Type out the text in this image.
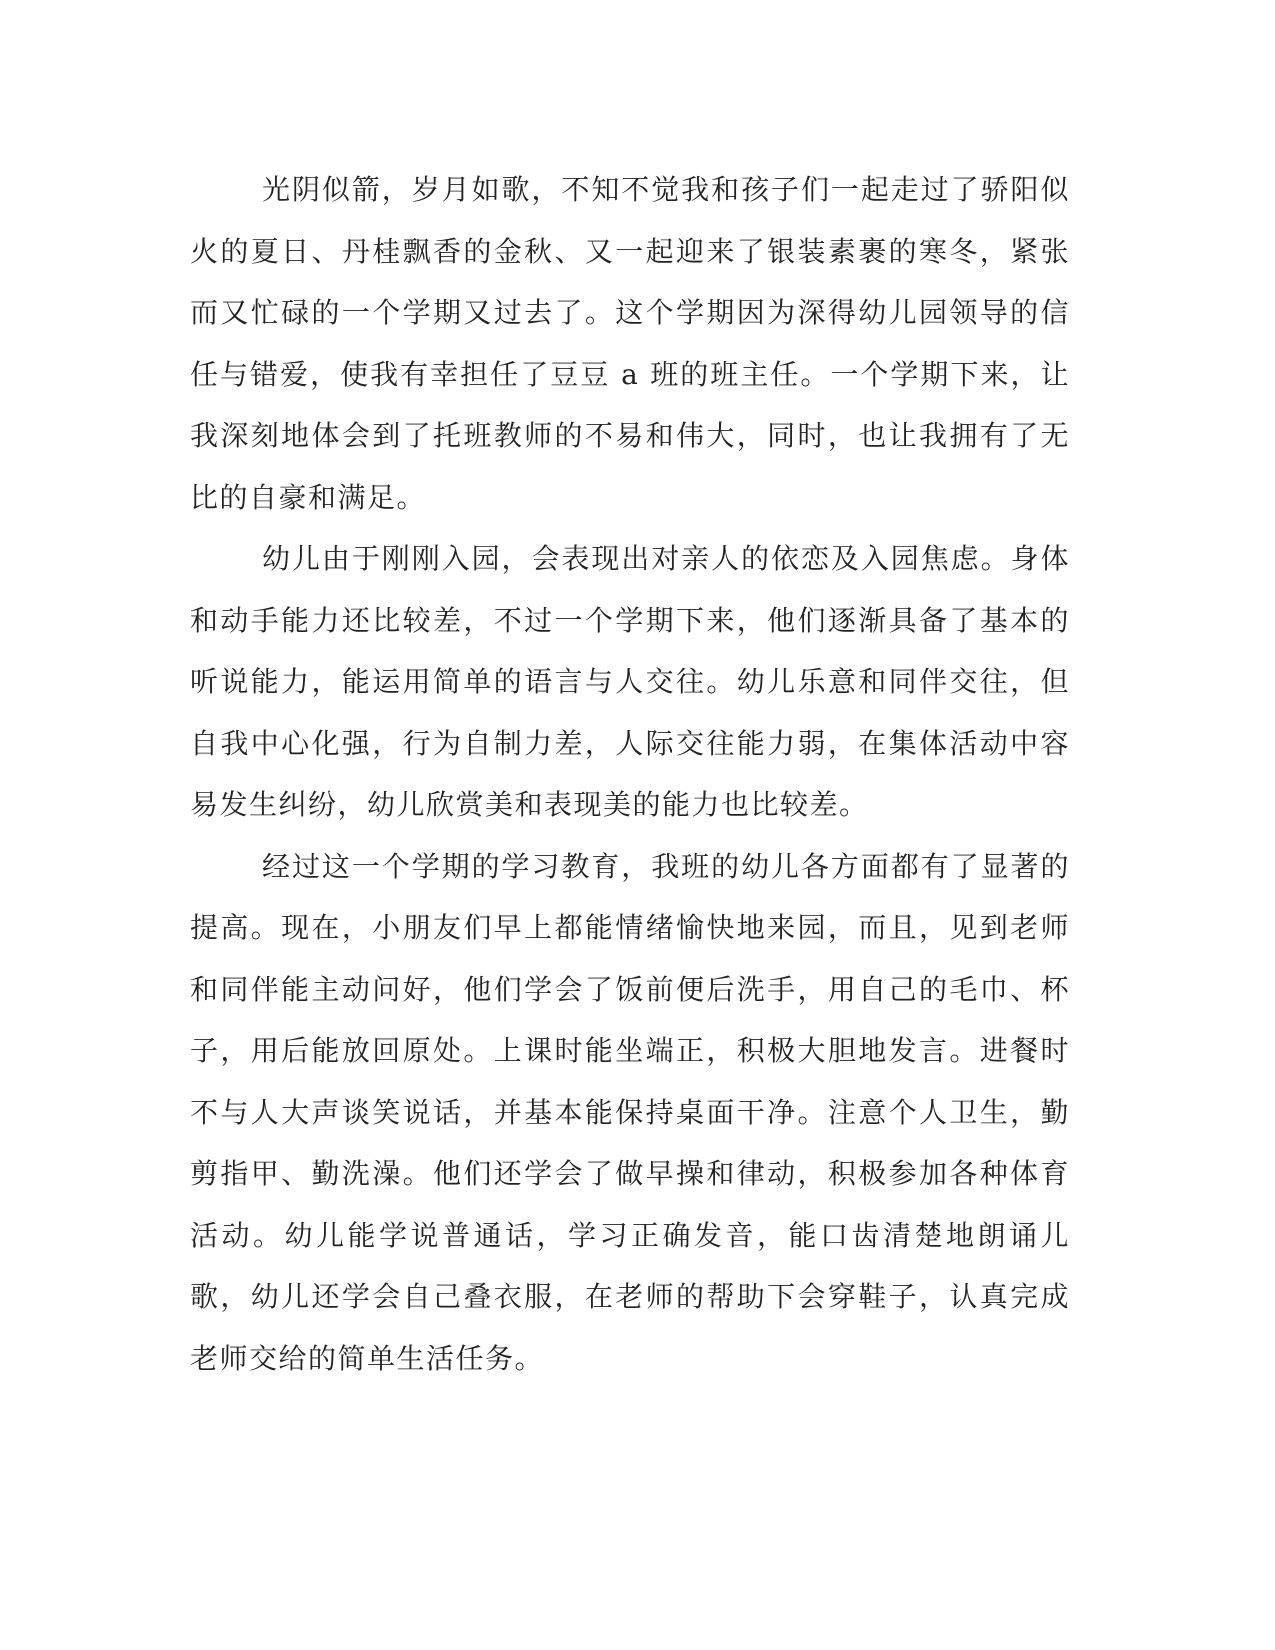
光阴似箭，岁月如歌，不知不觉我和孩子们一起走过了骄阳似火的夏日、丹桂飘香的金秋、又一起迎来了银装素裹的寒冬，紧张而又忙碌的一个学期又过去了。这个学期因为深得幼儿园领导的信任与错爱，使我有幸担任了豆豆 a 班的班主任。一个学期下来，让我深刻地体会到了托班教师的不易和伟大，同时，也让我拥有了无比的自豪和满足。

幼儿由于刚刚入园，会表现出对亲人的依恋及入园焦虑。身体和动手能力还比较差，不过一个学期下来，他们逐渐具备了基本的听说能力，能运用简单的语言与人交往。幼儿乐意和同伴交往，但自我中心化强，行为自制力差，人际交往能力弱，在集体活动中容易发生纠纷，幼儿欣赏美和表现美的能力也比较差。

经过这一个学期的学习教育，我班的幼儿各方面都有了显著的提高。现在，小朋友们早上都能情绪愉快地来园，而且，见到老师和同伴能主动问好，他们学会了饭前便后洗手，用自己的毛巾、杯子，用后能放回原处。上课时能坐端正，积极大胆地发言。进餐时不与人大声谈笑说话，并基本能保持桌面干净。注意个人卫生，勤剪指甲、勤洗澡。他们还学会了做早操和律动，积极参加各种体育活动。幼儿能学说普通话，学习正确发音，能口齿清楚地朗诵儿歌，幼儿还学会自己叠衣服，在老师的帮助下会穿鞋子，认真完成老师交给的简单生活任务。
